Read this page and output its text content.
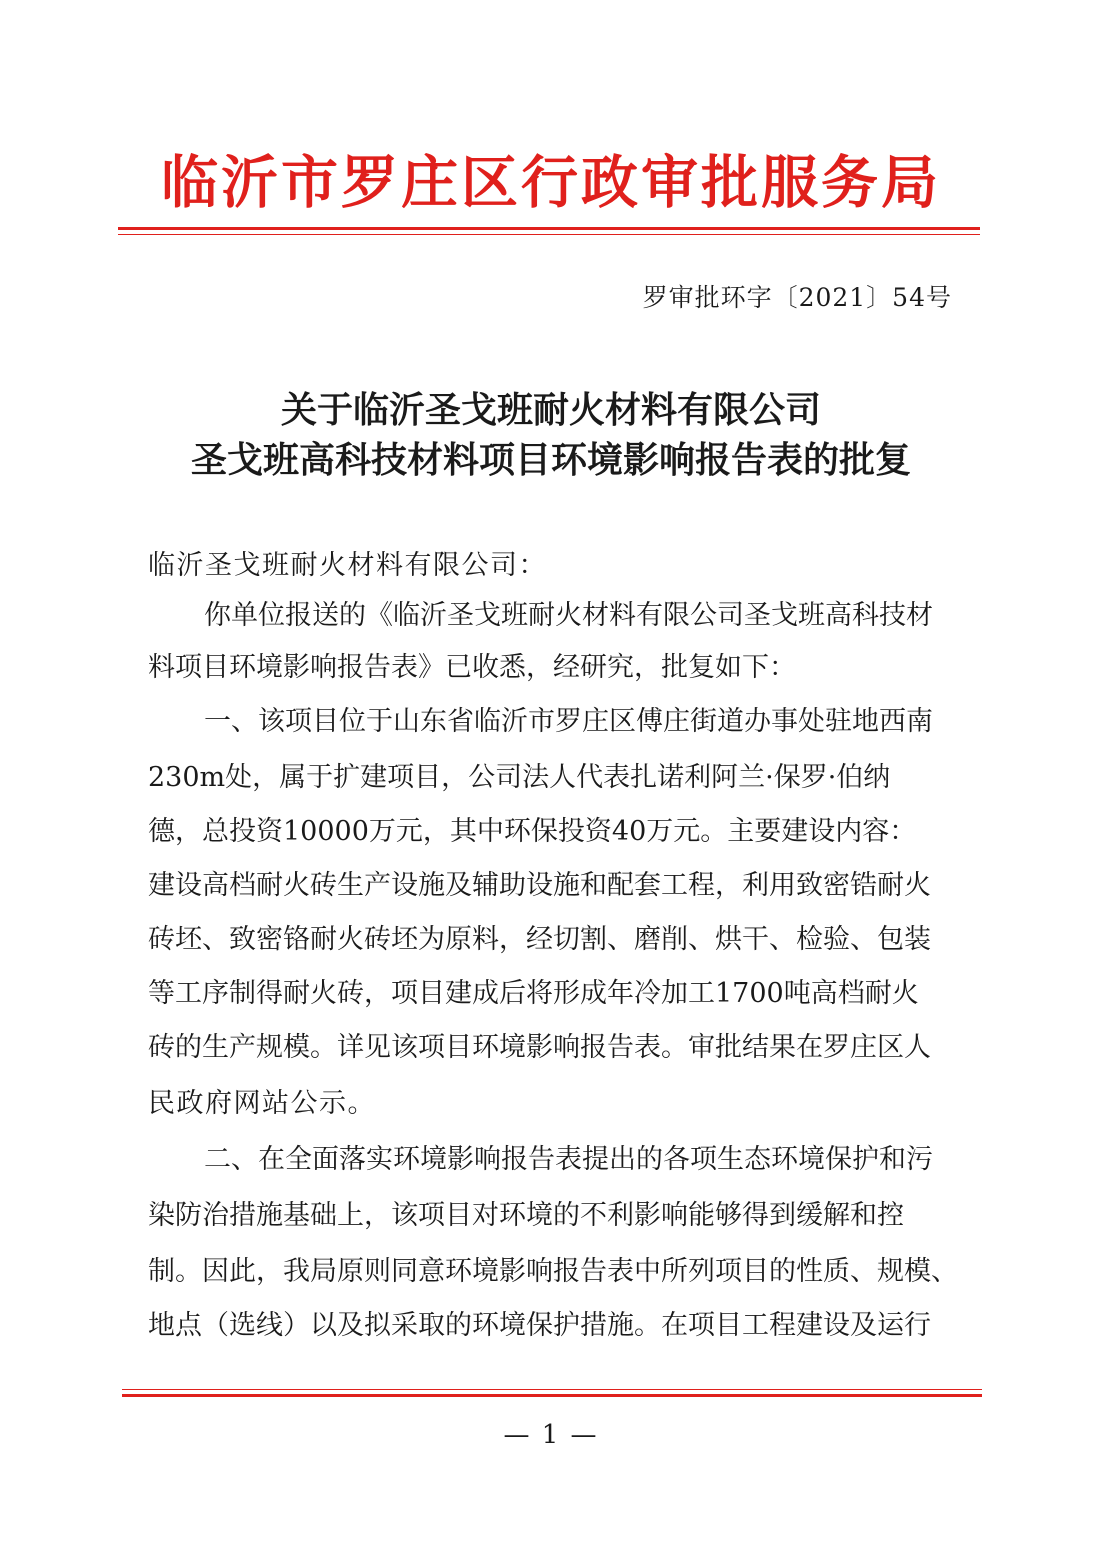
临沂市罗庄区行政审批服务局
罗审批环字〔2021〕54号
关于临沂圣戈班耐火材料有限公司
圣戈班高科技材料项目环境影响报告表的批复
临沂圣戈班耐火材料有限公司：
你单位报送的《临沂圣戈班耐火材料有限公司圣戈班高科技材
料项目环境影响报告表》已收悉，经研究，批复如下：
一、该项目位于山东省临沂市罗庄区傅庄街道办事处驻地西南
230m处，属于扩建项目，公司法人代表扎诺利阿兰·保罗·伯纳
德，总投资10000万元，其中环保投资40万元。主要建设内容：
建设高档耐火砖生产设施及辅助设施和配套工程，利用致密锆耐火
砖坯、致密铬耐火砖坯为原料，经切割、磨削、烘干、检验、包装
等工序制得耐火砖，项目建成后将形成年冷加工1700吨高档耐火
砖的生产规模。详见该项目环境影响报告表。审批结果在罗庄区人
民政府网站公示。
二、在全面落实环境影响报告表提出的各项生态环境保护和污
染防治措施基础上，该项目对环境的不利影响能够得到缓解和控
制。因此，我局原则同意环境影响报告表中所列项目的性质、规模、
地点（选线）以及拟采取的环境保护措施。在项目工程建设及运行
— 1 —
